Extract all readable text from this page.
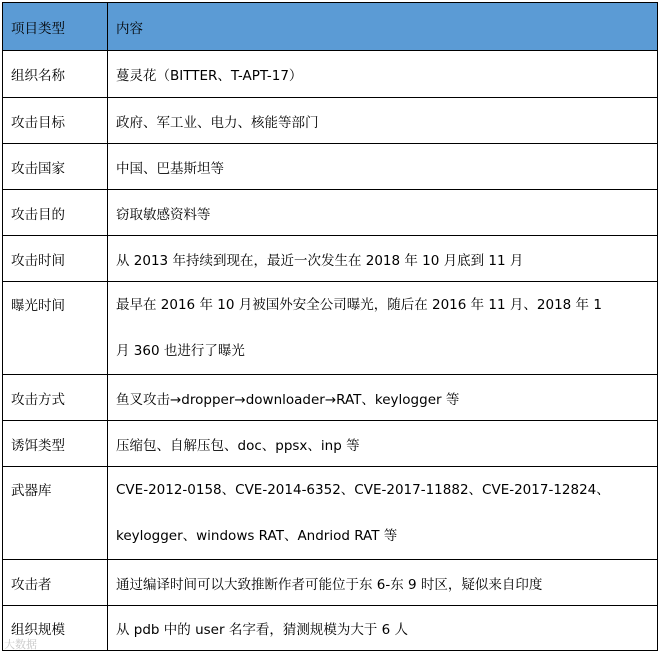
项目类型	内容
组织名称	蔓灵花（BITTER、T-APT-17）

攻击目标	政府、军工业、电力、核能等部门

攻击国家	中国、巴基斯坦等

攻击目的	窃取敏感资料等

攻击时间	从 2013 年持续到现在，最近一次发生在 2018 年 10 月底到 11 月

曝光时间	最早在 2016 年 10 月被国外安全公司曝光，随后在 2016 年 11 月、2018 年 1
月 360 也进行了曝光

攻击方式	鱼叉攻击→dropper→downloader→RAT、keylogger 等

诱饵类型	压缩包、自解压包、doc、ppsx、inp 等

武器库	CVE-2012-0158、CVE-2014-6352、CVE-2017-11882、CVE-2017-12824、
keylogger、windows RAT、Andriod RAT 等

攻击者	通过编译时间可以大致推断作者可能位于东 6-东 9 时区，疑似来自印度

组织规模	从 pdb 中的 user 名字看，猜测规模为大于 6 人
大数据
